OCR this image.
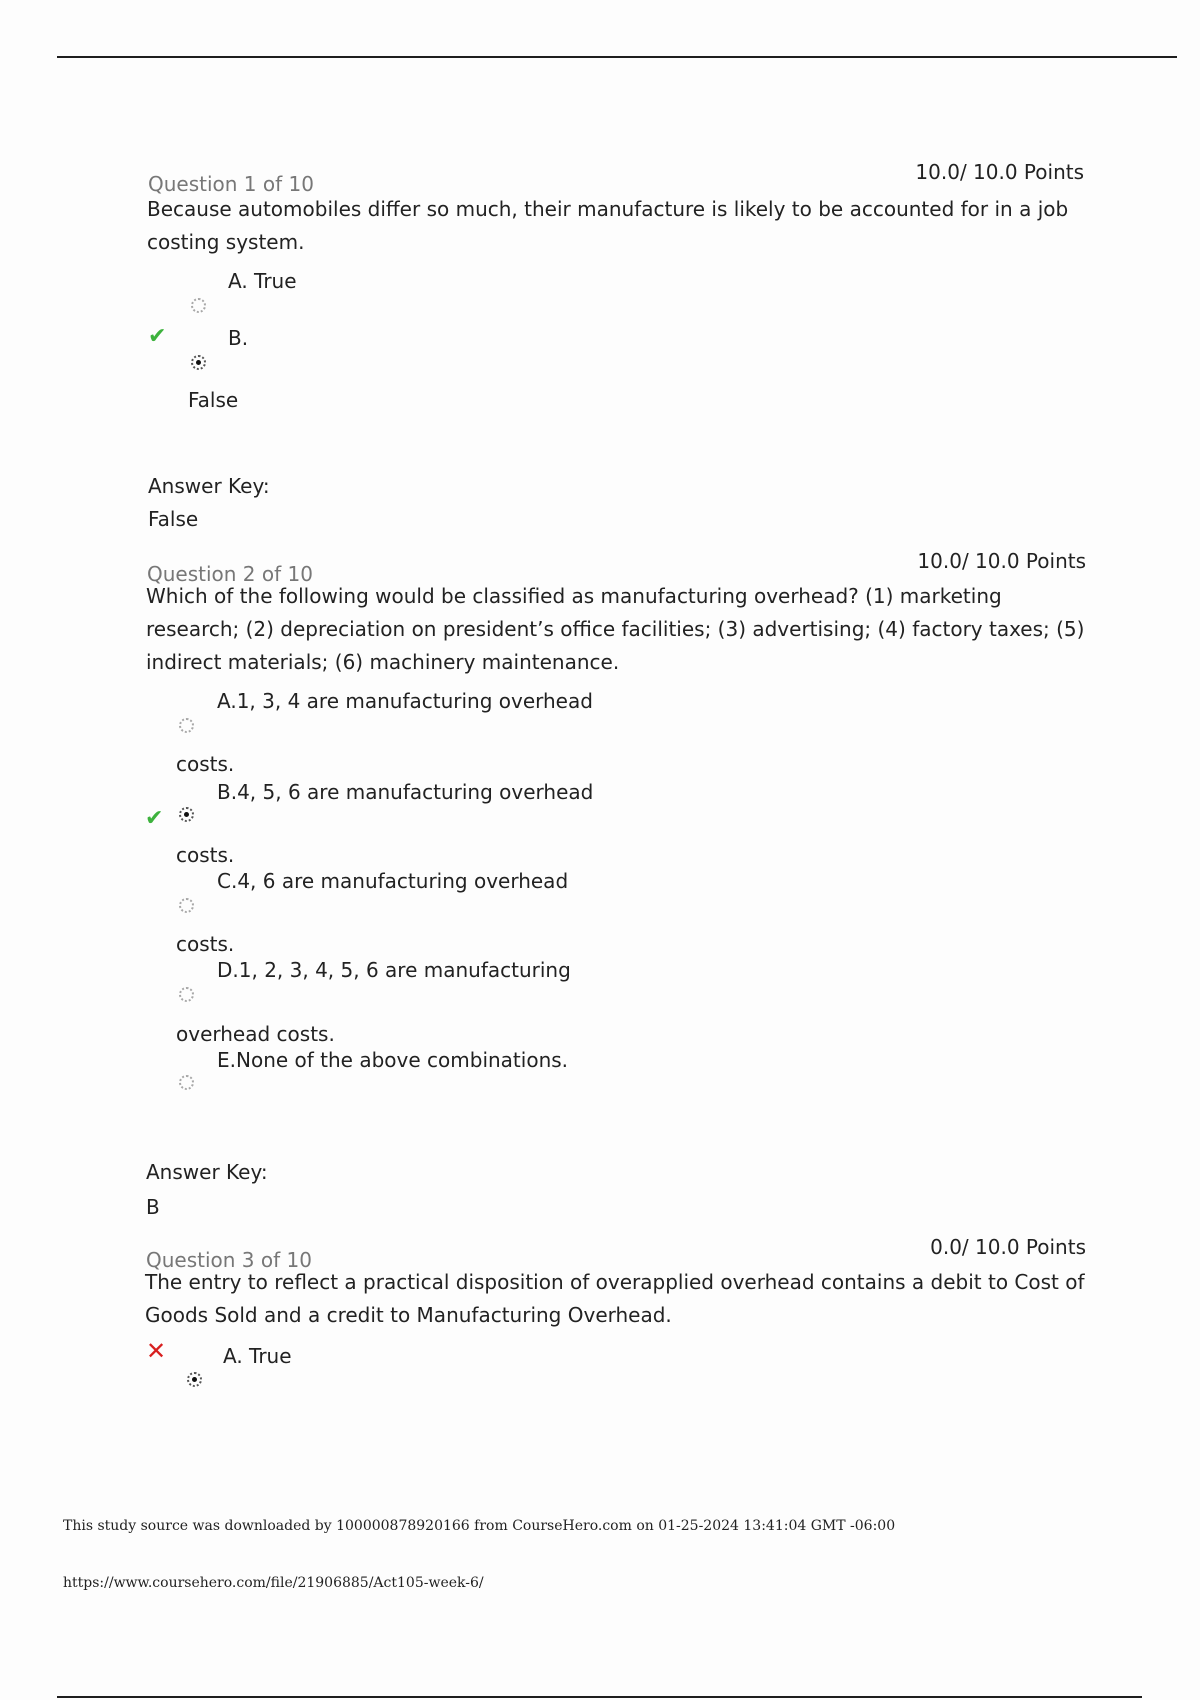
Question 1 of 10	10.0/ 10.0 Points
Because automobiles differ so much, their manufacture is likely to be accounted for in a job costing system.
A. True
✔	B.
False
Answer Key:
False
Question 2 of 10
10.0/ 10.0 Points
Which of the following would be classified as manufacturing overhead? (1) marketing research; (2) depreciation on president’s office facilities; (3) advertising; (4) factory taxes; (5) indirect materials; (6) machinery maintenance.
A.1, 3, 4 are manufacturing overhead
costs.
✔
B.4, 5, 6 are manufacturing overhead
costs.
C.4, 6 are manufacturing overhead
costs.
D.1, 2, 3, 4, 5, 6 are manufacturing
overhead costs.
E.None of the above combinations.
Answer Key:
B
Question 3 of 10
0.0/ 10.0 Points
The entry to reflect a practical disposition of overapplied overhead contains a debit to Cost of Goods Sold and a credit to Manufacturing Overhead.
✕	A. True
This study source was downloaded by 100000878920166 from CourseHero.com on 01-25-2024 13:41:04 GMT -06:00
https://www.coursehero.com/file/21906885/Act105-week-6/
